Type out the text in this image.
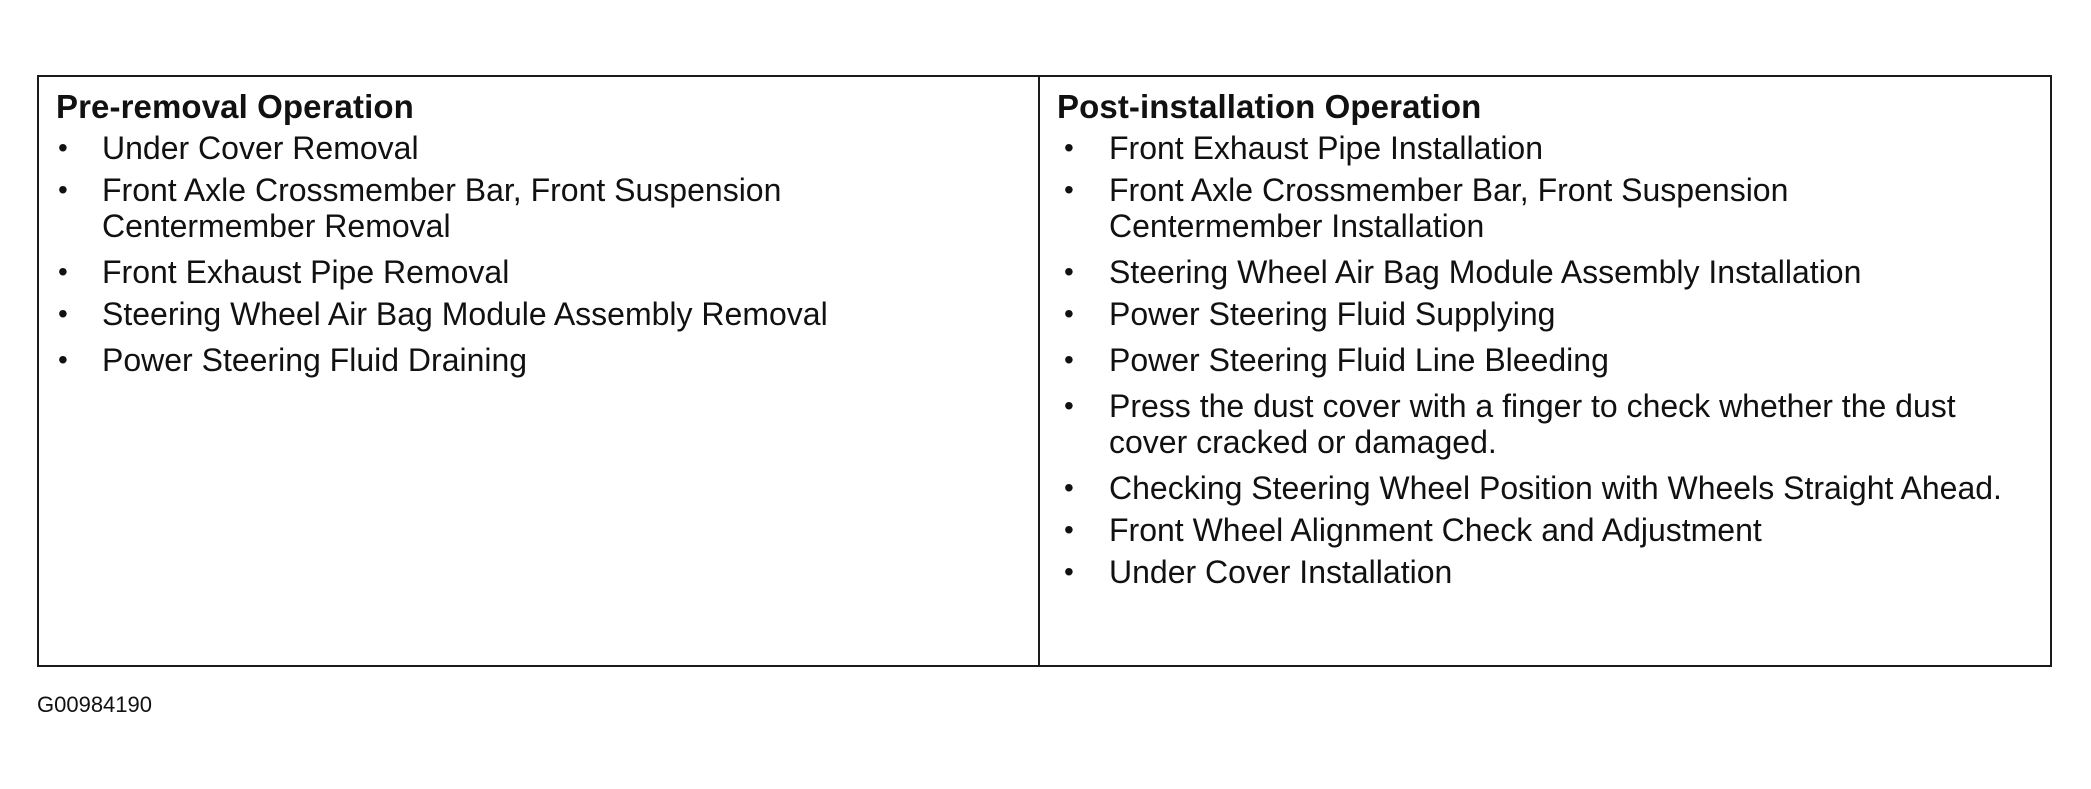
Pre-removal Operation
• Under Cover Removal
• Front Axle Crossmember Bar, Front Suspension Centermember Removal
• Front Exhaust Pipe Removal
• Steering Wheel Air Bag Module Assembly Removal
• Power Steering Fluid Draining
Post-installation Operation
• Front Exhaust Pipe Installation
• Front Axle Crossmember Bar, Front Suspension Centermember Installation
• Steering Wheel Air Bag Module Assembly Installation
• Power Steering Fluid Supplying
• Power Steering Fluid Line Bleeding
• Press the dust cover with a finger to check whether the dust cover cracked or damaged.
• Checking Steering Wheel Position with Wheels Straight Ahead.
• Front Wheel Alignment Check and Adjustment
• Under Cover Installation
G00984190
